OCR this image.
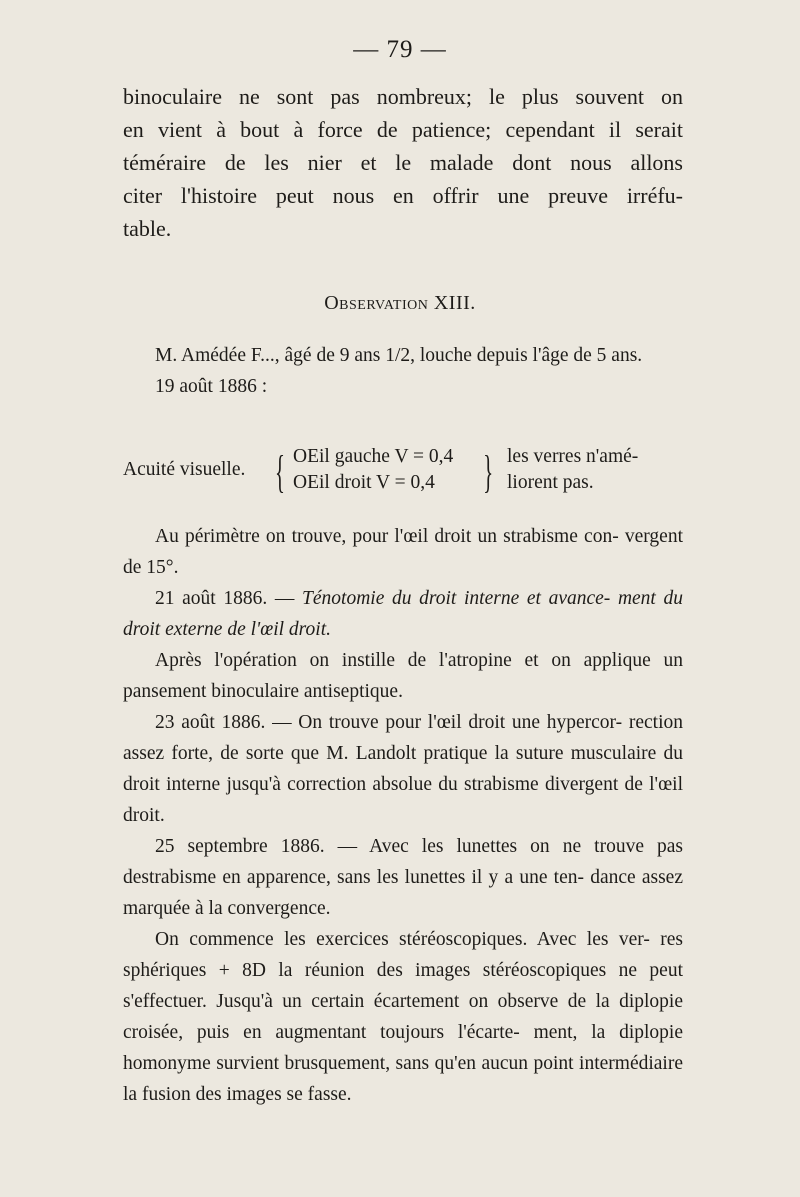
— 79 —
binoculaire ne sont pas nombreux; le plus souvent on
en vient à bout à force de patience; cependant il serait
téméraire de les nier et le malade dont nous allons
citer l'histoire peut nous en offrir une preuve irréfu-
table.
Observation XIII.

M. Amédée F..., âgé de 9 ans 1/2, louche depuis l'âge de 5 ans.

19 août 1886 :

Acuité visuelle. { OEil gauche V = 0,4
OEil droit V = 0,4	{ les verres n'amé-
liorent pas.

Au périmètre on trouve, pour l'œil droit un strabisme con- vergent de 15°.

21 août 1886. — Ténotomie du droit interne et avance- ment du droit externe de l'œil droit.

Après l'opération on instille de l'atropine et on applique un pansement binoculaire antiseptique.

23 août 1886. — On trouve pour l'œil droit une hypercor- rection assez forte, de sorte que M. Landolt pratique la suture musculaire du droit interne jusqu'à correction absolue du strabisme divergent de l'œil droit.

25 septembre 1886. — Avec les lunettes on ne trouve pas destrabisme en apparence, sans les lunettes il y a une ten- dance assez marquée à la convergence.

On commence les exercices stéréoscopiques. Avec les ver- res sphériques + 8D la réunion des images stéréoscopiques ne peut s'effectuer. Jusqu'à un certain écartement on observe de la diplopie croisée, puis en augmentant toujours l'écarte- ment, la diplopie homonyme survient brusquement, sans qu'en aucun point intermédiaire la fusion des images se fasse.
